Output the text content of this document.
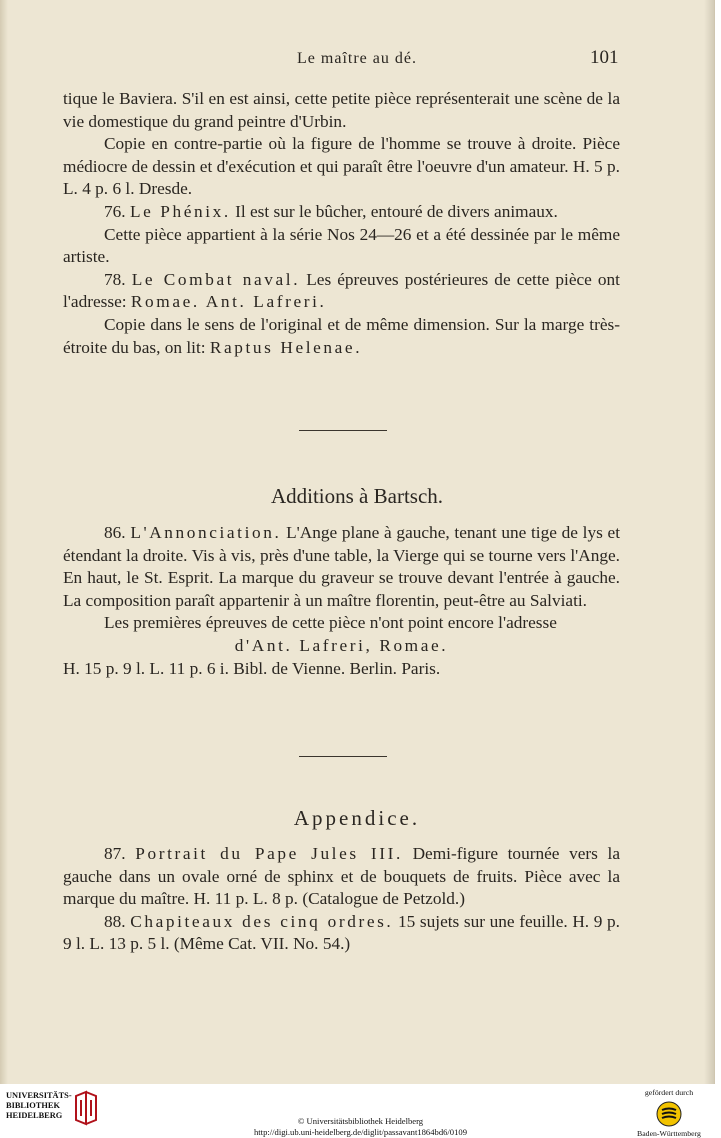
Le maître au dé.	101

tique le Baviera. S'il en est ainsi, cette petite pièce représenterait une scène de la vie domestique du grand peintre d'Urbin.

Copie en contre-partie où la figure de l'homme se trouve à droite. Pièce médiocre de dessin et d'exécution et qui paraît être l'oeuvre d'un amateur. H. 5 p. L. 4 p. 6 l. Dresde.

76. Le Phénix. Il est sur le bûcher, entouré de divers animaux.

Cette pièce appartient à la série Nos 24—26 et a été dessinée par le même artiste.

78. Le Combat naval. Les épreuves postérieures de cette pièce ont l'adresse: Romae. Ant. Lafreri.

Copie dans le sens de l'original et de même dimension. Sur la marge très-étroite du bas, on lit: Raptus Helenae.

Additions à Bartsch.

86. L'Annonciation. L'Ange plane à gauche, tenant une tige de lys et étendant la droite. Vis à vis, près d'une table, la Vierge qui se tourne vers l'Ange. En haut, le St. Esprit. La marque du graveur se trouve devant l'entrée à gauche. La composition paraît appartenir à un maître florentin, peut-être au Salviati.

Les premières épreuves de cette pièce n'ont point encore l'adresse

d'Ant. Lafreri, Romae.

H. 15 p. 9 l. L. 11 p. 6 i. Bibl. de Vienne. Berlin. Paris.

Appendice.

87. Portrait du Pape Jules III. Demi-figure tournée vers la gauche dans un ovale orné de sphinx et de bouquets de fruits. Pièce avec la marque du maître. H. 11 p. L. 8 p. (Catalogue de Petzold.)

88. Chapiteaux des cinq ordres. 15 sujets sur une feuille. H. 9 p. 9 l. L. 13 p. 5 l. (Même Cat. VII. No. 54.)

UNIVERSITÄTS-
BIBLIOTHEK
HEIDELBERG
© Universitätsbibliothek Heidelberg
http://digi.ub.uni-heidelberg.de/diglit/passavant1864bd6/0109
gefördert durch
Baden-Württemberg
